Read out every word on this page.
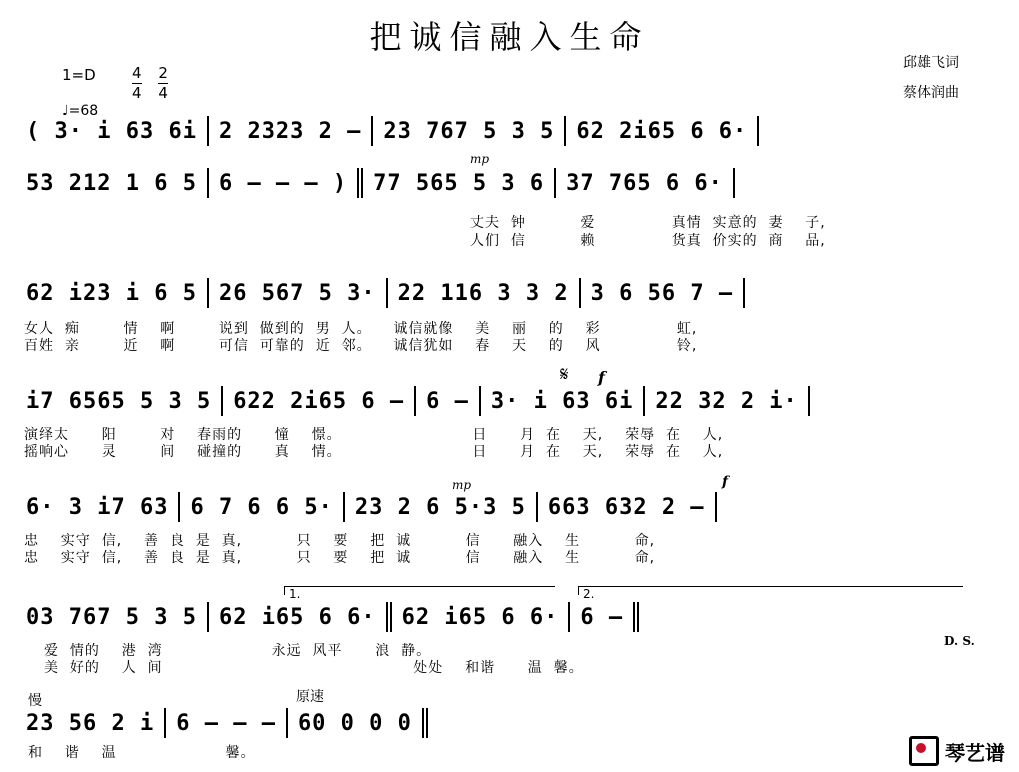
把诚信融入生命
邱雄飞词
蔡体润曲
$1=D \frac{4}{4}$
$\frac{2}{4}$
♩=68
( 3· i 63 6i 2 2323 2 — 23 767 5 3 5 62 2i65 6 6·
mp
53 212 1 6 5 6 — — — ) 77 565 5 3 6 37 765 6 6·
丈夫  钟          爱              真情  实意的  妻    子,
人们  信          赖              货真  价实的  商    品,
62 i23 i 6 5 26 567 5 3· 22 116 3 3 2 3 6 56 7 —
女人  痴        情    啊        说到  做到的  男  人。    诚信就像    美    丽    的    彩              虹,
百姓  亲        近    啊        可信  可靠的  近  邻。    诚信犹如    春    天    的    风              铃,
𝄋 f
i7 6565 5 3 5 622 2i65 6 — 6 — 3· i 63 6i 22 32 2 i·
演绎太      阳        对    春雨的      憧    憬。                        日      月  在    天,    荣辱  在    人,
摇响心      灵        间    碰撞的      真    情。                        日      月  在    天,    荣辱  在    人,
mp	f
6· 3 i7 63 6 7 6 6 5· 23 2 6 5·3 5 663 632 2 —
忠    实守  信,    善  良  是  真,          只    要    把  诚          信      融入    生          命,
忠    实守  信,    善  良  是  真,          只    要    把  诚          信      融入    生          命,
1.	2.
03 767 5 3 5 62 i65 6 6· 62 i65 6 6· 6 —
D. S.
爱  情的    港  湾                    永远  风平      浪  静。
美  好的    人  间                                              处处    和谐      温  馨。
慢	原速
23 56 2 i 6 — — — 60 0 0 0
和    谐    温                    馨。	琴艺谱
